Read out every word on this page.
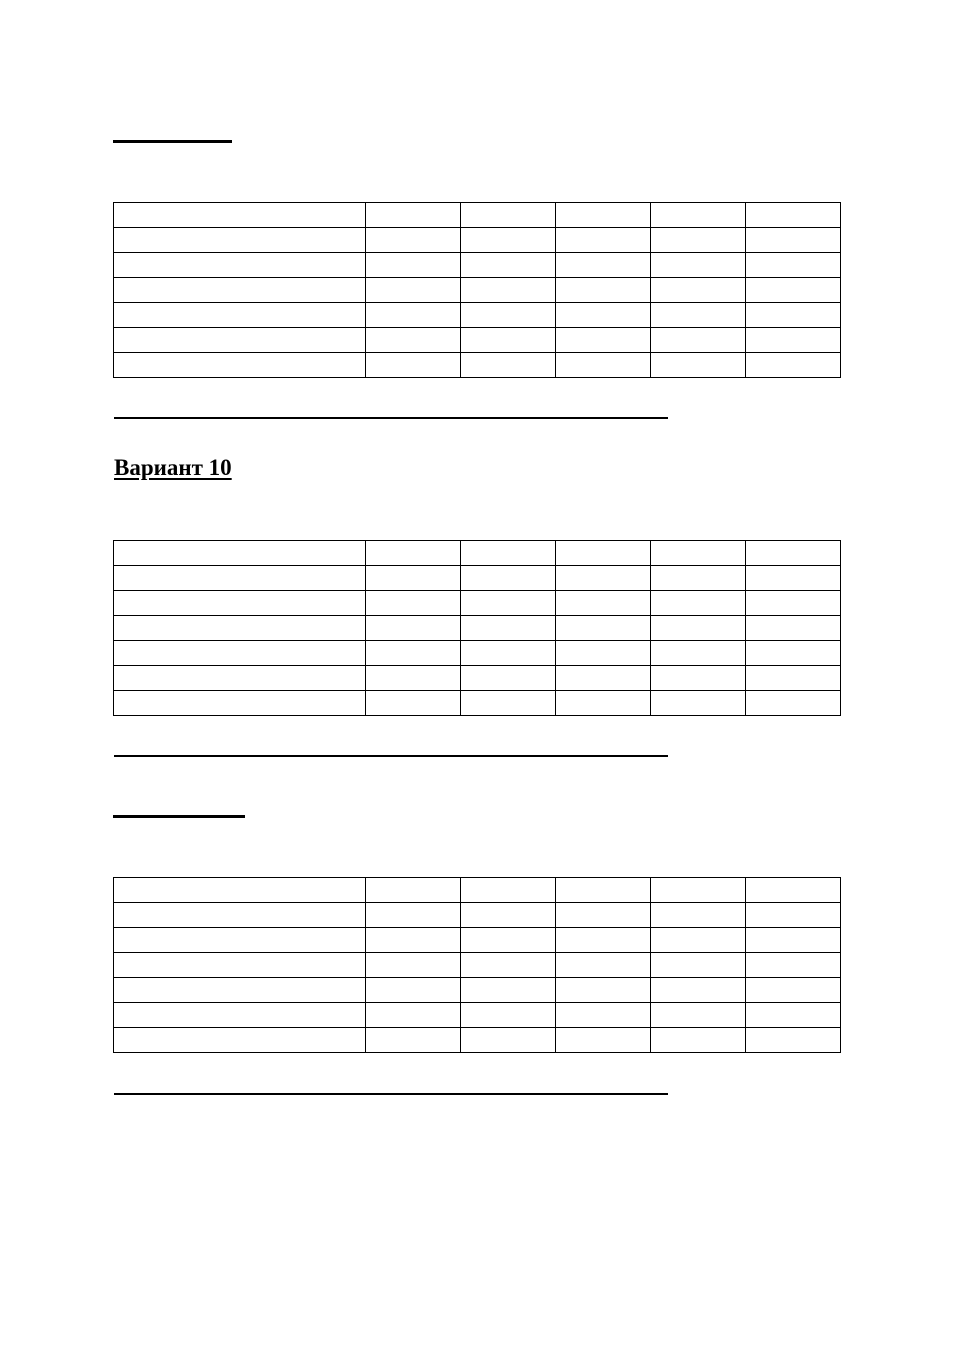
Вариант 10
